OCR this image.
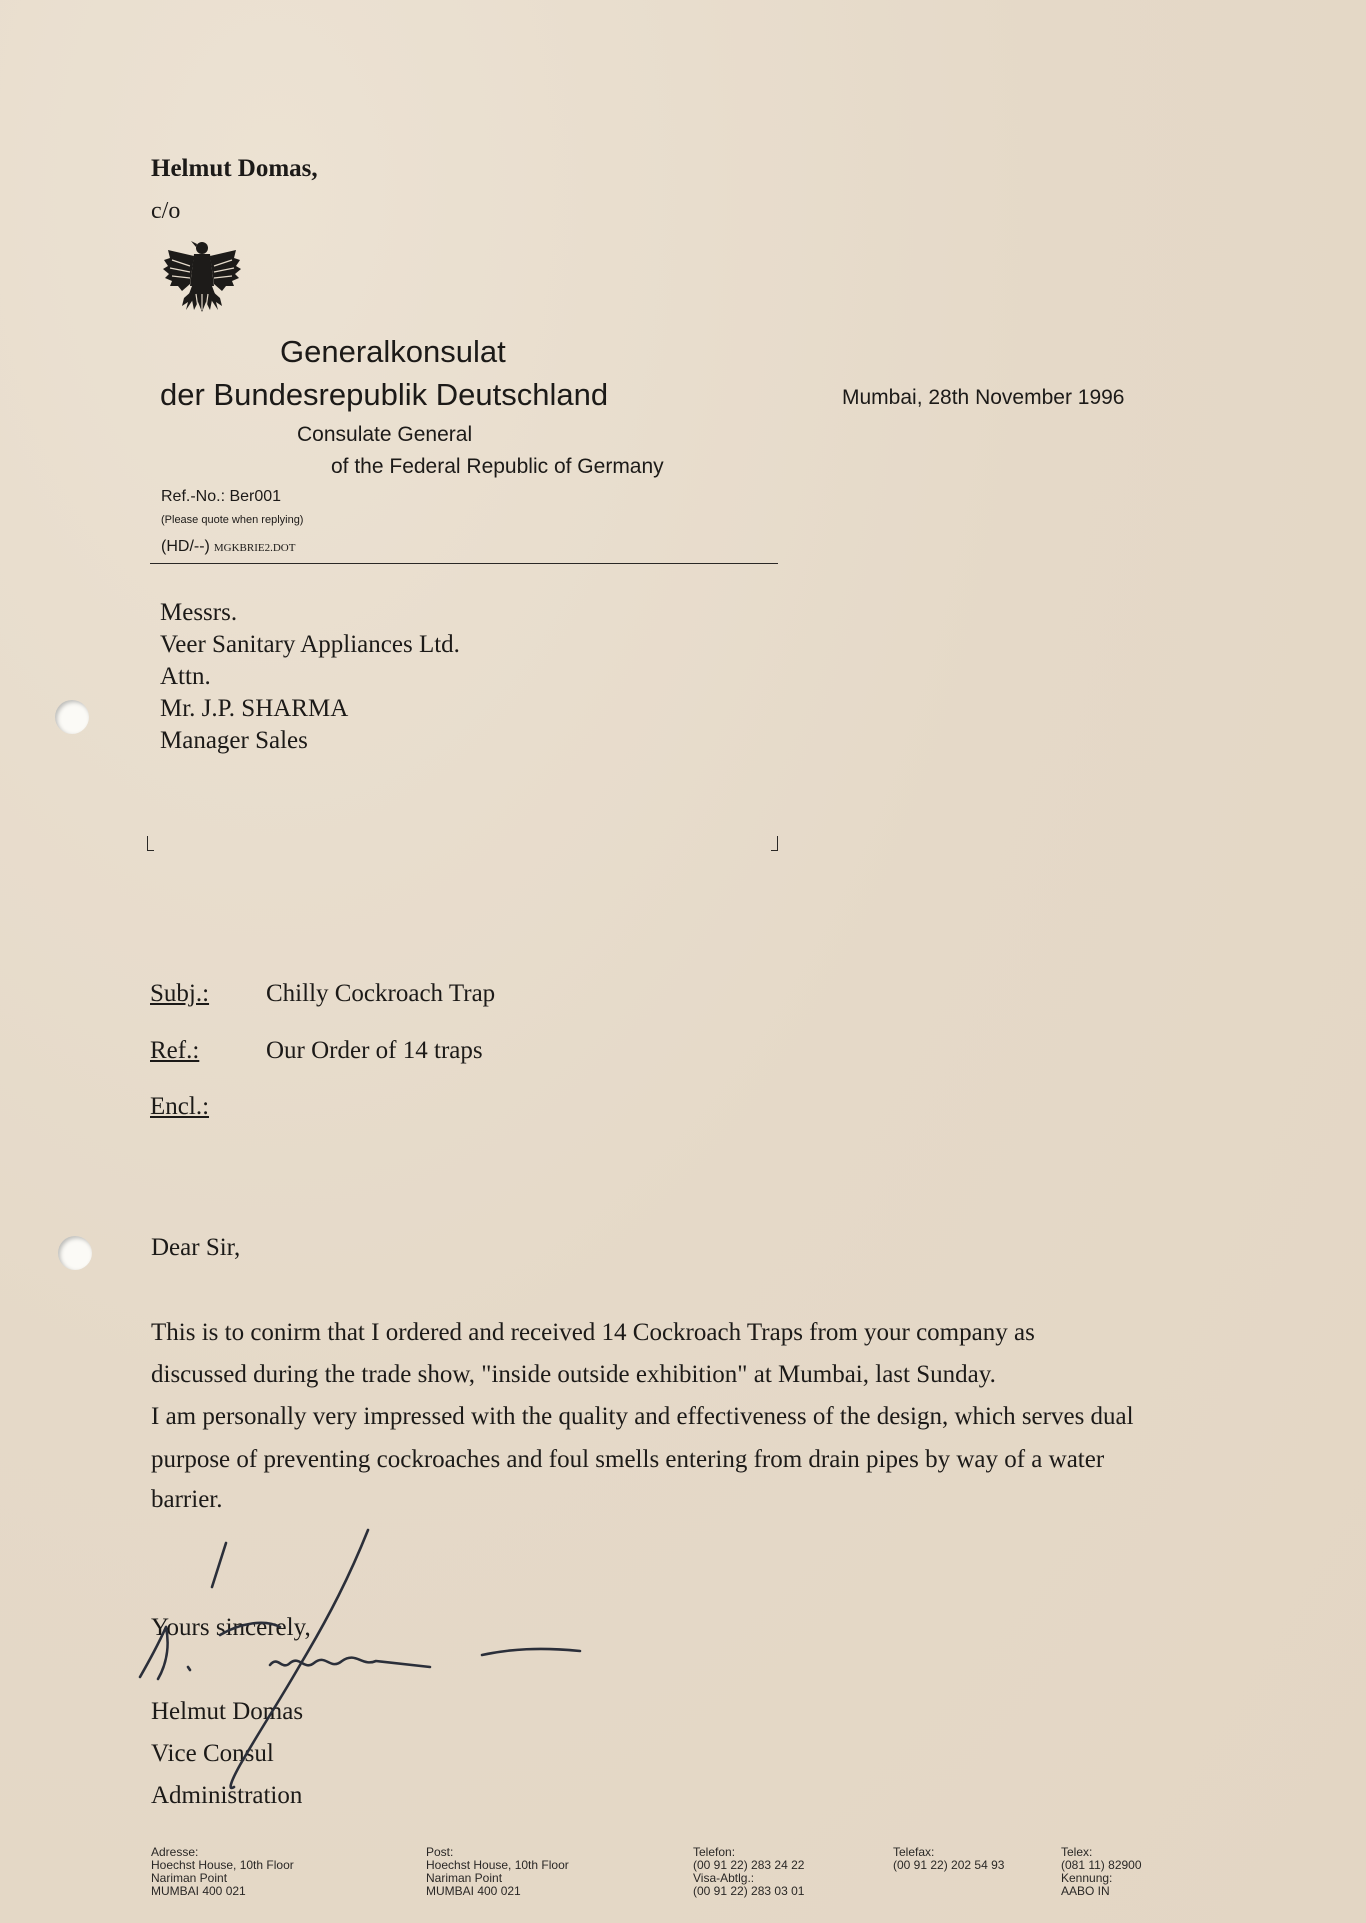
Helmut Domas,
c/o
Generalkonsulat
der Bundesrepublik Deutschland
Consulate General
of the Federal Republic of Germany
Mumbai, 28th November 1996
Ref.-No.: Ber001
(Please quote when replying)
(HD/--) MGKBRIE2.DOT
Messrs.
Veer Sanitary Appliances Ltd.
Attn.
Mr. J.P. SHARMA
Manager Sales
Subj.: Chilly Cockroach Trap
Ref.:	Our Order of 14 traps
Encl.:
Dear Sir,
This is to conirm that I ordered and received 14 Cockroach Traps from your company as
discussed during the trade show, "inside outside exhibition" at Mumbai, last Sunday.
I am personally very impressed with the quality and effectiveness of the design, which serves dual
purpose of preventing cockroaches and foul smells entering from drain pipes by way of a water
barrier.
Yours sincerely,
Helmut Domas
Vice Consul
Administration
Adresse:
Hoechst House, 10th Floor
Nariman Point
MUMBAI 400 021
Post:
Hoechst House, 10th Floor
Nariman Point
MUMBAI 400 021
Telefon:
(00 91 22) 283 24 22
Visa-Abtlg.:
(00 91 22) 283 03 01
Telefax:
(00 91 22) 202 54 93
Telex:
(081 11) 82900
Kennung:
AABO IN
